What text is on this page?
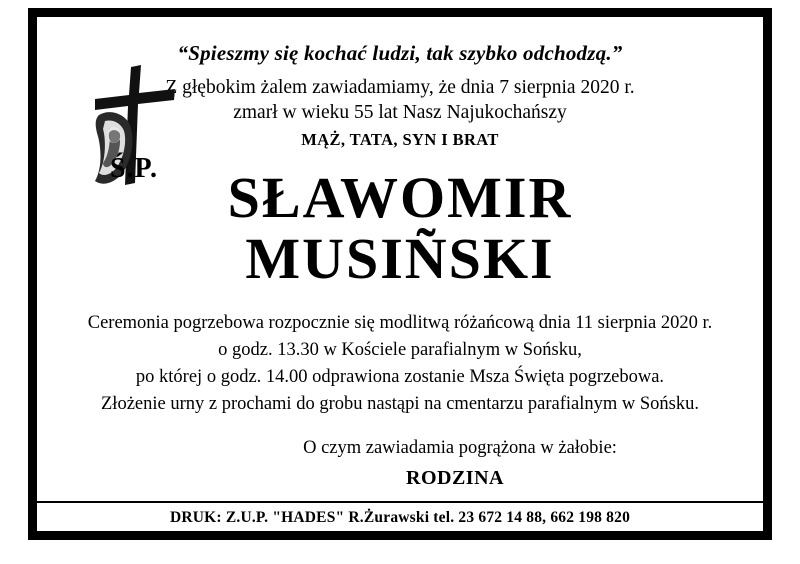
“Spieszmy się kochać ludzi, tak szybko odchodzą.”
Z głębokim żalem zawiadamiamy, że dnia 7 sierpnia 2020 r.
zmarł w wieku 55 lat Nasz Najukochańszy
MĄŻ, TATA, SYN I BRAT
Ś.P.	SŁAWOMIR
MUSIÑSKI
Ceremonia pogrzebowa rozpocznie się modlitwą różańcową dnia 11 sierpnia 2020 r.
o godz. 13.30 w Kościele parafialnym w Sońsku,
po której o godz. 14.00 odprawiona zostanie Msza Święta pogrzebowa.
Złożenie urny z prochami do grobu nastąpi na cmentarzu parafialnym w Sońsku.
O czym zawiadamia pogrążona w żałobie:
RODZINA
DRUK: Z.U.P. "HADES" R.Żurawski tel. 23 672 14 88, 662 198 820
